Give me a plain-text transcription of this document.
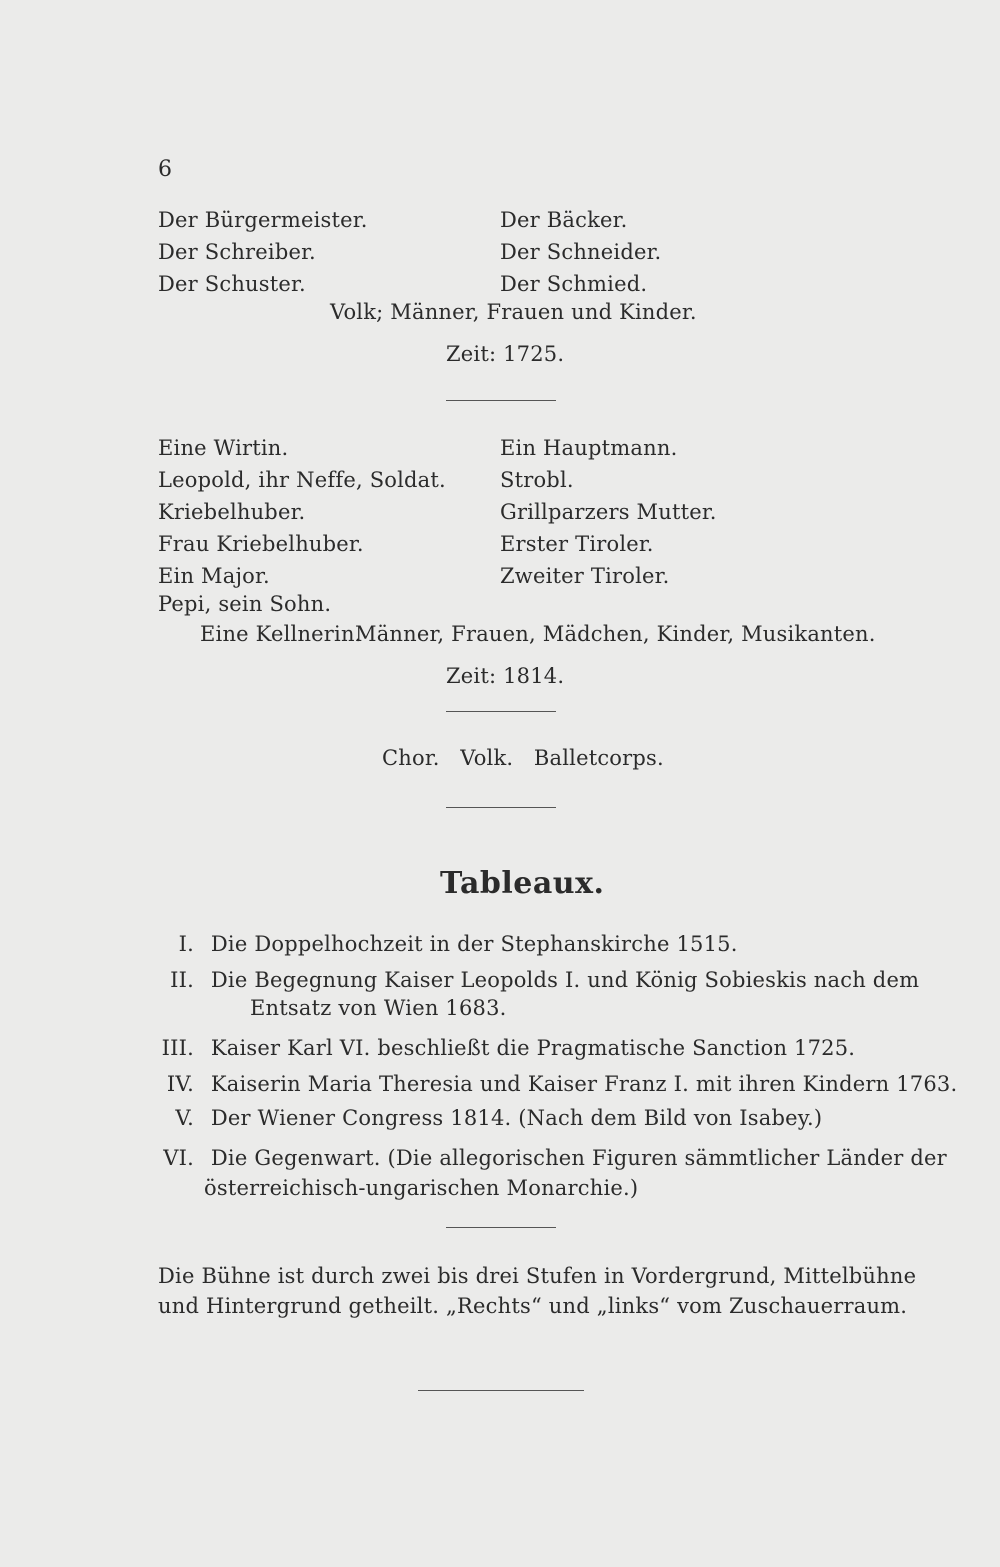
6
Der Bürgermeister.
Der Schreiber.
Der Schuster.
Der Bäcker.
Der Schneider.
Der Schmied.
Volk; Männer, Frauen und Kinder.
Zeit: 1725.
Eine Wirtin.
Leopold, ihr Neffe, Soldat.
Kriebelhuber.
Frau Kriebelhuber.
Ein Major.
Pepi, sein Sohn.
Ein Hauptmann.
Strobl.
Grillparzers Mutter.
Erster Tiroler.
Zweiter Tiroler.
Eine Kellnerin.
Männer, Frauen, Mädchen, Kinder, Musikanten.
Zeit: 1814.
Chor.   Volk.   Balletcorps.
Tableaux.
I. Die Doppelhochzeit in der Stephanskirche 1515.
II. Die Begegnung Kaiser Leopolds I. und König Sobieskis nach dem
Entsatz von Wien 1683.
III. Kaiser Karl VI. beschließt die Pragmatische Sanction 1725.
IV. Kaiserin Maria Theresia und Kaiser Franz I. mit ihren Kindern 1763.
V. Der Wiener Congress 1814. (Nach dem Bild von Isabey.)
VI. Die Gegenwart. (Die allegorischen Figuren sämmtlicher Länder der
österreichisch-ungarischen Monarchie.)
Die Bühne ist durch zwei bis drei Stufen in Vordergrund, Mittelbühne
und Hintergrund getheilt. „Rechts“ und „links“ vom Zuschauerraum.
